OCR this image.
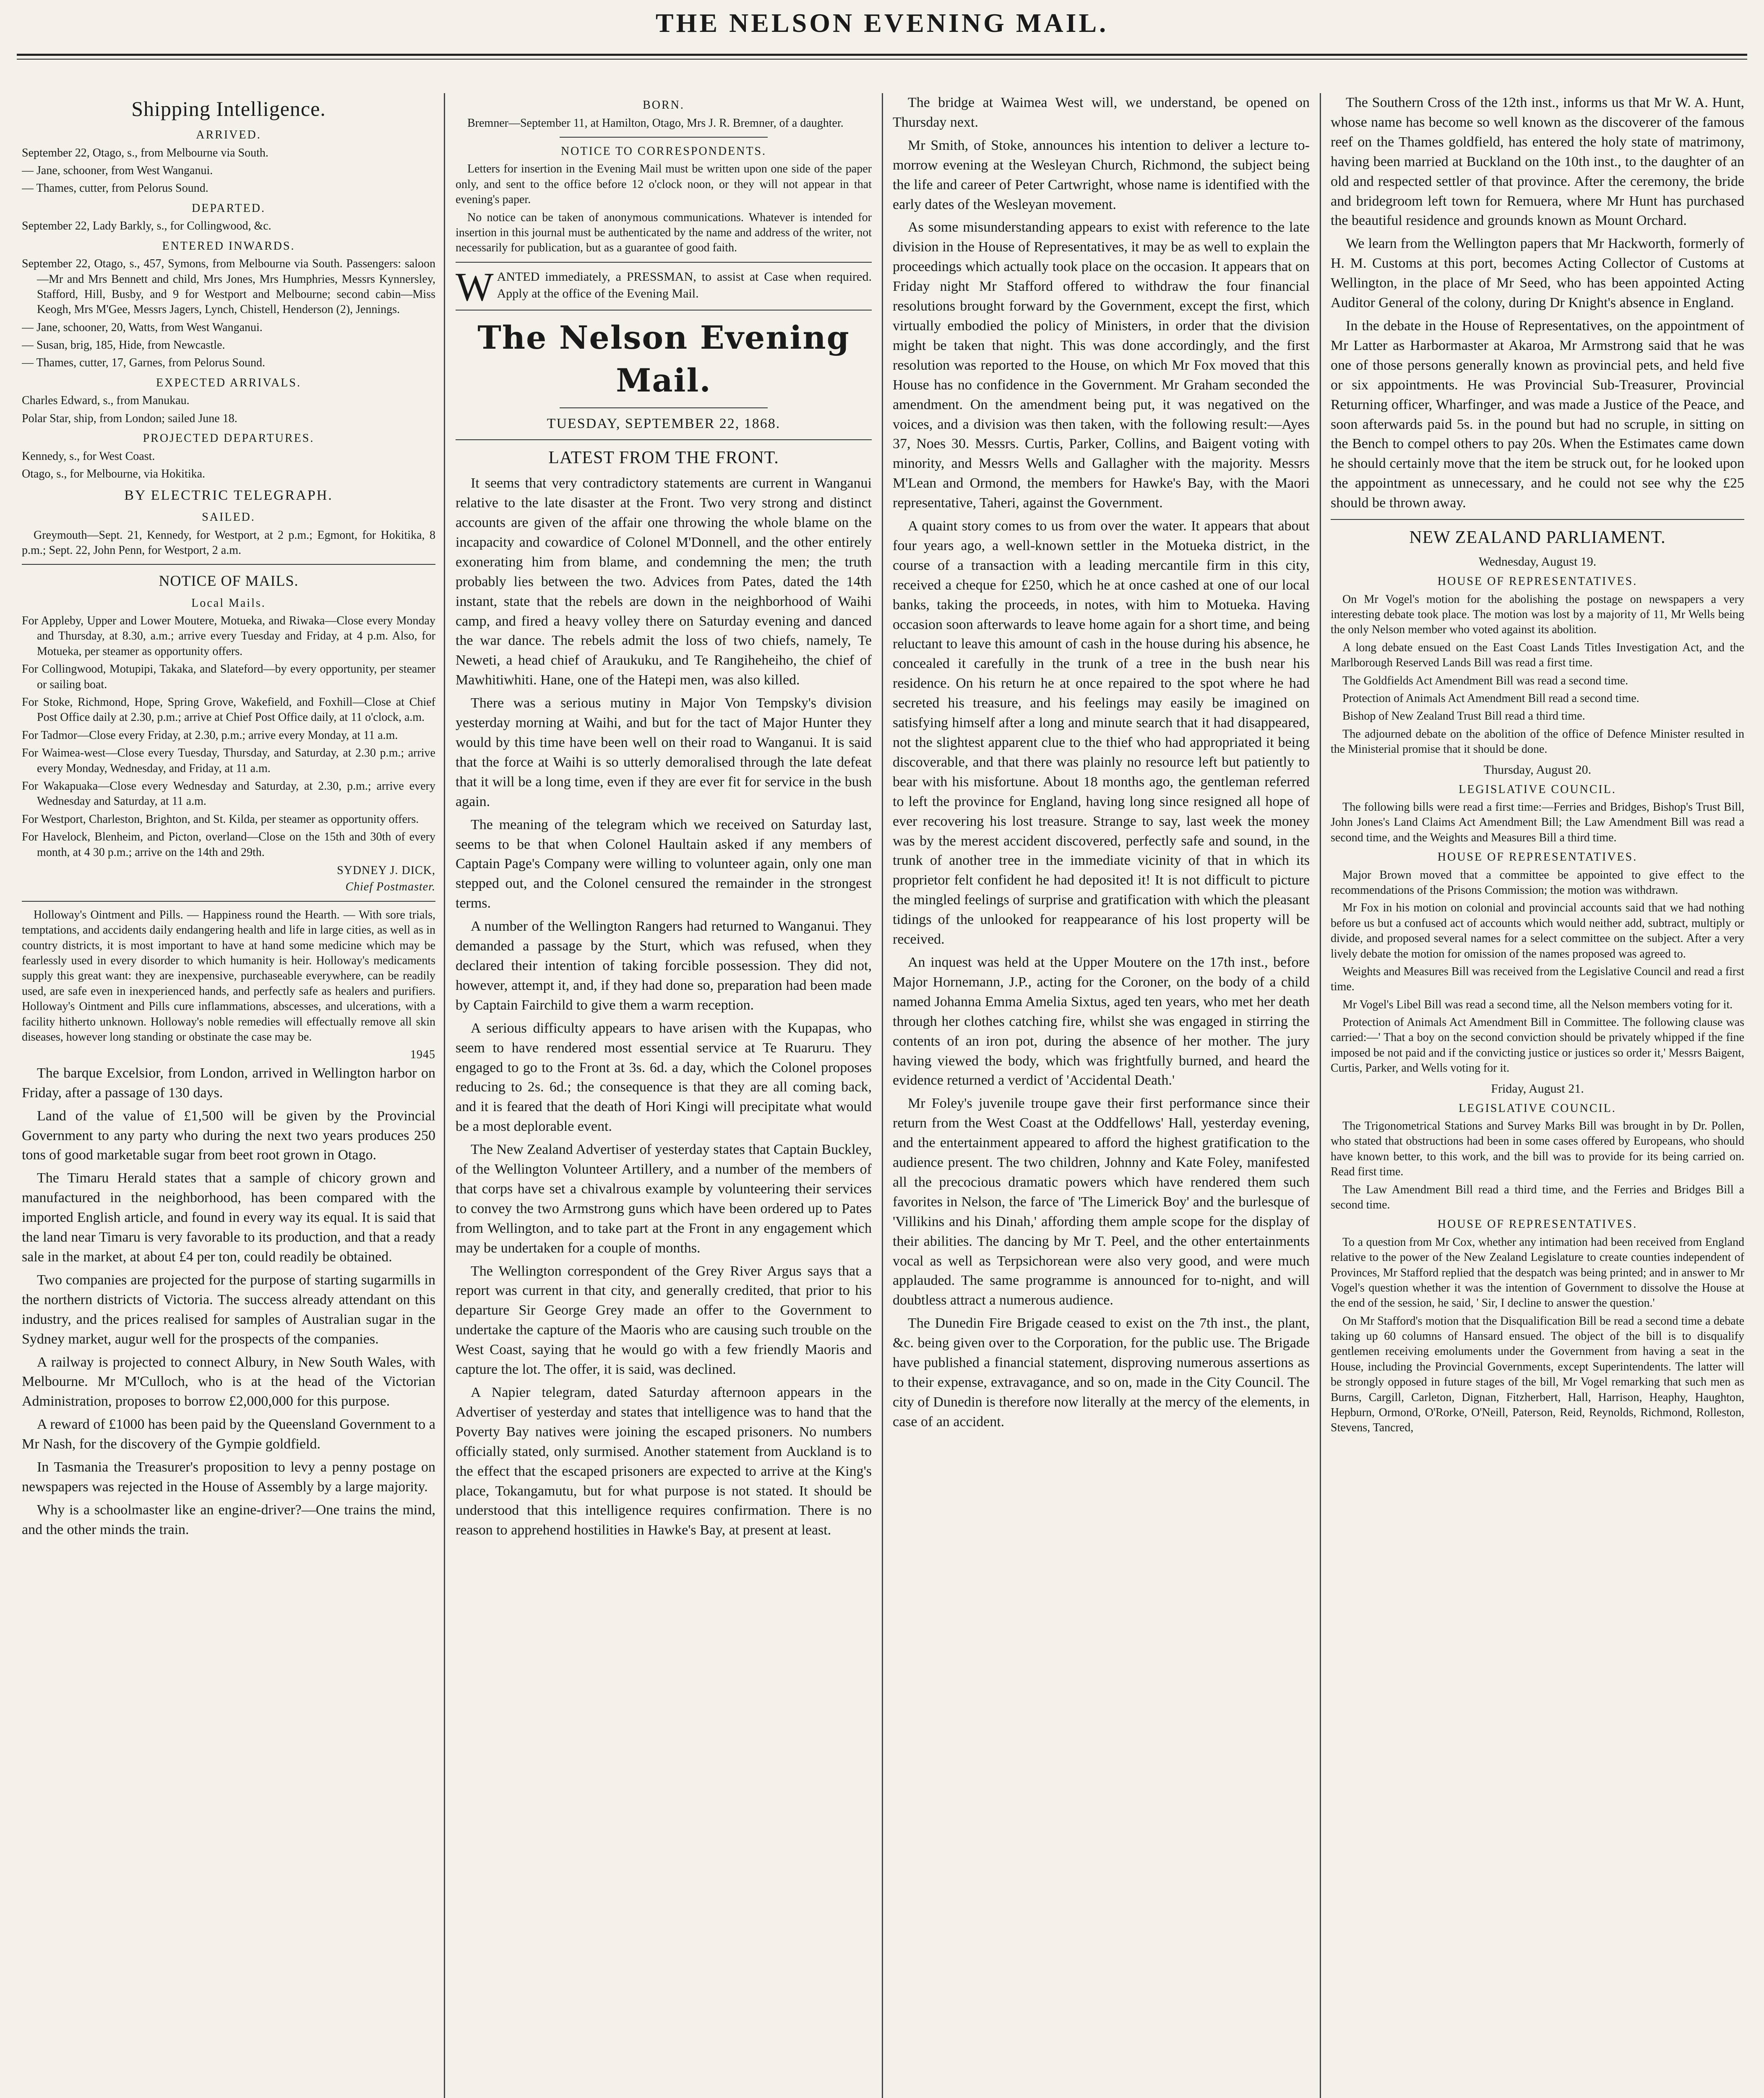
THE NELSON EVENING MAIL.
Shipping Intelligence.
ARRIVED.

September 22, Otago, s., from Melbourne via South.

— Jane, schooner, from West Wanganui.

— Thames, cutter, from Pelorus Sound.

DEPARTED.

September 22, Lady Barkly, s., for Collingwood, &c.

ENTERED INWARDS.

September 22, Otago, s., 457, Symons, from Melbourne via South. Passengers: saloon—Mr and Mrs Bennett and child, Mrs Jones, Mrs Humphries, Messrs Kynnersley, Stafford, Hill, Busby, and 9 for Westport and Melbourne; second cabin—Miss Keogh, Mrs M'Gee, Messrs Jagers, Lynch, Chistell, Henderson (2), Jennings.

— Jane, schooner, 20, Watts, from West Wanganui.

— Susan, brig, 185, Hide, from Newcastle.

— Thames, cutter, 17, Garnes, from Pelorus Sound.

EXPECTED ARRIVALS.

Charles Edward, s., from Manukau.

Polar Star, ship, from London; sailed June 18.

PROJECTED DEPARTURES.

Kennedy, s., for West Coast.

Otago, s., for Melbourne, via Hokitika.

BY ELECTRIC TELEGRAPH.
SAILED.

Greymouth—Sept. 21, Kennedy, for Westport, at 2 p.m.; Egmont, for Hokitika, 8 p.m.; Sept. 22, John Penn, for Westport, 2 a.m.

NOTICE OF MAILS.
Local Mails.

For Appleby, Upper and Lower Moutere, Motueka, and Riwaka—Close every Monday and Thursday, at 8.30, a.m.; arrive every Tuesday and Friday, at 4 p.m. Also, for Motueka, per steamer as opportunity offers.

For Collingwood, Motupipi, Takaka, and Slateford—by every opportunity, per steamer or sailing boat.

For Stoke, Richmond, Hope, Spring Grove, Wakefield, and Foxhill—Close at Chief Post Office daily at 2.30, p.m.; arrive at Chief Post Office daily, at 11 o'clock, a.m.

For Tadmor—Close every Friday, at 2.30, p.m.; arrive every Monday, at 11 a.m.

For Waimea-west—Close every Tuesday, Thursday, and Saturday, at 2.30 p.m.; arrive every Monday, Wednesday, and Friday, at 11 a.m.

For Wakapuaka—Close every Wednesday and Saturday, at 2.30, p.m.; arrive every Wednesday and Saturday, at 11 a.m.

For Westport, Charleston, Brighton, and St. Kilda, per steamer as opportunity offers.

For Havelock, Blenheim, and Picton, overland—Close on the 15th and 30th of every month, at 4 30 p.m.; arrive on the 14th and 29th.

SYDNEY J. DICK,
Chief Postmaster.

Holloway's Ointment and Pills. — Happiness round the Hearth. — With sore trials, temptations, and accidents daily endangering health and life in large cities, as well as in country districts, it is most important to have at hand some medicine which may be fearlessly used in every disorder to which humanity is heir. Holloway's medicaments supply this great want: they are inexpensive, purchaseable everywhere, can be readily used, are safe even in inexperienced hands, and perfectly safe as healers and purifiers. Holloway's Ointment and Pills cure inflammations, abscesses, and ulcerations, with a facility hitherto unknown. Holloway's noble remedies will effectually remove all skin diseases, however long standing or obstinate the case may be.

1945

The barque Excelsior, from London, arrived in Wellington harbor on Friday, after a passage of 130 days.

Land of the value of £1,500 will be given by the Provincial Government to any party who during the next two years produces 250 tons of good marketable sugar from beet root grown in Otago.

The Timaru Herald states that a sample of chicory grown and manufactured in the neighborhood, has been compared with the imported English article, and found in every way its equal. It is said that the land near Timaru is very favorable to its production, and that a ready sale in the market, at about £4 per ton, could readily be obtained.

Two companies are projected for the purpose of starting sugarmills in the northern districts of Victoria. The success already attendant on this industry, and the prices realised for samples of Australian sugar in the Sydney market, augur well for the prospects of the companies.

A railway is projected to connect Albury, in New South Wales, with Melbourne. Mr M'Culloch, who is at the head of the Victorian Administration, proposes to borrow £2,000,000 for this purpose.

A reward of £1000 has been paid by the Queensland Government to a Mr Nash, for the discovery of the Gympie goldfield.

In Tasmania the Treasurer's proposition to levy a penny postage on newspapers was rejected in the House of Assembly by a large majority.

Why is a schoolmaster like an engine-driver?—One trains the mind, and the other minds the train.

BORN.

Bremner—September 11, at Hamilton, Otago, Mrs J. R. Bremner, of a daughter.

NOTICE TO CORRESPONDENTS.

Letters for insertion in the Evening Mail must be written upon one side of the paper only, and sent to the office before 12 o'clock noon, or they will not appear in that evening's paper.

No notice can be taken of anonymous communications. Whatever is intended for insertion in this journal must be authenticated by the name and address of the writer, not necessarily for publication, but as a guarantee of good faith.

W ANTED immediately, a PRESSMAN, to assist at Case when required. Apply at the office of the Evening Mail.
The Nelson Evening Mail.
TUESDAY, SEPTEMBER 22, 1868.
LATEST FROM THE FRONT.

It seems that very contradictory statements are current in Wanganui relative to the late disaster at the Front. Two very strong and distinct accounts are given of the affair one throwing the whole blame on the incapacity and cowardice of Colonel M'Donnell, and the other entirely exonerating him from blame, and condemning the men; the truth probably lies between the two. Advices from Pates, dated the 14th instant, state that the rebels are down in the neighborhood of Waihi camp, and fired a heavy volley there on Saturday evening and danced the war dance. The rebels admit the loss of two chiefs, namely, Te Neweti, a head chief of Araukuku, and Te Rangiheheiho, the chief of Mawhitiwhiti. Hane, one of the Hatepi men, was also killed.

There was a serious mutiny in Major Von Tempsky's division yesterday morning at Waihi, and but for the tact of Major Hunter they would by this time have been well on their road to Wanganui. It is said that the force at Waihi is so utterly demoralised through the late defeat that it will be a long time, even if they are ever fit for service in the bush again.

The meaning of the telegram which we received on Saturday last, seems to be that when Colonel Haultain asked if any members of Captain Page's Company were willing to volunteer again, only one man stepped out, and the Colonel censured the remainder in the strongest terms.

A number of the Wellington Rangers had returned to Wanganui. They demanded a passage by the Sturt, which was refused, when they declared their intention of taking forcible possession. They did not, however, attempt it, and, if they had done so, preparation had been made by Captain Fairchild to give them a warm reception.

A serious difficulty appears to have arisen with the Kupapas, who seem to have rendered most essential service at Te Ruaruru. They engaged to go to the Front at 3s. 6d. a day, which the Colonel proposes reducing to 2s. 6d.; the consequence is that they are all coming back, and it is feared that the death of Hori Kingi will precipitate what would be a most deplorable event.

The New Zealand Advertiser of yesterday states that Captain Buckley, of the Wellington Volunteer Artillery, and a number of the members of that corps have set a chivalrous example by volunteering their services to convey the two Armstrong guns which have been ordered up to Pates from Wellington, and to take part at the Front in any engagement which may be undertaken for a couple of months.

The Wellington correspondent of the Grey River Argus says that a report was current in that city, and generally credited, that prior to his departure Sir George Grey made an offer to the Government to undertake the capture of the Maoris who are causing such trouble on the West Coast, saying that he would go with a few friendly Maoris and capture the lot. The offer, it is said, was declined.

A Napier telegram, dated Saturday afternoon appears in the Advertiser of yesterday and states that intelligence was to hand that the Poverty Bay natives were joining the escaped prisoners. No numbers officially stated, only surmised. Another statement from Auckland is to the effect that the escaped prisoners are expected to arrive at the King's place, Tokangamutu, but for what purpose is not stated. It should be understood that this intelligence requires confirmation. There is no reason to apprehend hostilities in Hawke's Bay, at present at least.

The bridge at Waimea West will, we understand, be opened on Thursday next.

Mr Smith, of Stoke, announces his intention to deliver a lecture to-morrow evening at the Wesleyan Church, Richmond, the subject being the life and career of Peter Cartwright, whose name is identified with the early dates of the Wesleyan movement.

As some misunderstanding appears to exist with reference to the late division in the House of Representatives, it may be as well to explain the proceedings which actually took place on the occasion. It appears that on Friday night Mr Stafford offered to withdraw the four financial resolutions brought forward by the Government, except the first, which virtually embodied the policy of Ministers, in order that the division might be taken that night. This was done accordingly, and the first resolution was reported to the House, on which Mr Fox moved that this House has no confidence in the Government. Mr Graham seconded the amendment. On the amendment being put, it was negatived on the voices, and a division was then taken, with the following result:—Ayes 37, Noes 30. Messrs. Curtis, Parker, Collins, and Baigent voting with minority, and Messrs Wells and Gallagher with the majority. Messrs M'Lean and Ormond, the members for Hawke's Bay, with the Maori representative, Taheri, against the Government.

A quaint story comes to us from over the water. It appears that about four years ago, a well-known settler in the Motueka district, in the course of a transaction with a leading mercantile firm in this city, received a cheque for £250, which he at once cashed at one of our local banks, taking the proceeds, in notes, with him to Motueka. Having occasion soon afterwards to leave home again for a short time, and being reluctant to leave this amount of cash in the house during his absence, he concealed it carefully in the trunk of a tree in the bush near his residence. On his return he at once repaired to the spot where he had secreted his treasure, and his feelings may easily be imagined on satisfying himself after a long and minute search that it had disappeared, not the slightest apparent clue to the thief who had appropriated it being discoverable, and that there was plainly no resource left but patiently to bear with his misfortune. About 18 months ago, the gentleman referred to left the province for England, having long since resigned all hope of ever recovering his lost treasure. Strange to say, last week the money was by the merest accident discovered, perfectly safe and sound, in the trunk of another tree in the immediate vicinity of that in which its proprietor felt confident he had deposited it! It is not difficult to picture the mingled feelings of surprise and gratification with which the pleasant tidings of the unlooked for reappearance of his lost property will be received.

An inquest was held at the Upper Moutere on the 17th inst., before Major Hornemann, J.P., acting for the Coroner, on the body of a child named Johanna Emma Amelia Sixtus, aged ten years, who met her death through her clothes catching fire, whilst she was engaged in stirring the contents of an iron pot, during the absence of her mother. The jury having viewed the body, which was frightfully burned, and heard the evidence returned a verdict of 'Accidental Death.'

Mr Foley's juvenile troupe gave their first performance since their return from the West Coast at the Oddfellows' Hall, yesterday evening, and the entertainment appeared to afford the highest gratification to the audience present. The two children, Johnny and Kate Foley, manifested all the precocious dramatic powers which have rendered them such favorites in Nelson, the farce of 'The Limerick Boy' and the burlesque of 'Villikins and his Dinah,' affording them ample scope for the display of their abilities. The dancing by Mr T. Peel, and the other entertainments vocal as well as Terpsichorean were also very good, and were much applauded. The same programme is announced for to-night, and will doubtless attract a numerous audience.

The Dunedin Fire Brigade ceased to exist on the 7th inst., the plant, &c. being given over to the Corporation, for the public use. The Brigade have published a financial statement, disproving numerous assertions as to their expense, extravagance, and so on, made in the City Council. The city of Dunedin is therefore now literally at the mercy of the elements, in case of an accident.

The Southern Cross of the 12th inst., informs us that Mr W. A. Hunt, whose name has become so well known as the discoverer of the famous reef on the Thames goldfield, has entered the holy state of matrimony, having been married at Buckland on the 10th inst., to the daughter of an old and respected settler of that province. After the ceremony, the bride and bridegroom left town for Remuera, where Mr Hunt has purchased the beautiful residence and grounds known as Mount Orchard.

We learn from the Wellington papers that Mr Hackworth, formerly of H. M. Customs at this port, becomes Acting Collector of Customs at Wellington, in the place of Mr Seed, who has been appointed Acting Auditor General of the colony, during Dr Knight's absence in England.

In the debate in the House of Representatives, on the appointment of Mr Latter as Harbormaster at Akaroa, Mr Armstrong said that he was one of those persons generally known as provincial pets, and held five or six appointments. He was Provincial Sub-Treasurer, Provincial Returning officer, Wharfinger, and was made a Justice of the Peace, and soon afterwards paid 5s. in the pound but had no scruple, in sitting on the Bench to compel others to pay 20s. When the Estimates came down he should certainly move that the item be struck out, for he looked upon the appointment as unnecessary, and he could not see why the £25 should be thrown away.

NEW ZEALAND PARLIAMENT.
Wednesday, August 19.
HOUSE OF REPRESENTATIVES.

On Mr Vogel's motion for the abolishing the postage on newspapers a very interesting debate took place. The motion was lost by a majority of 11, Mr Wells being the only Nelson member who voted against its abolition.

A long debate ensued on the East Coast Lands Titles Investigation Act, and the Marlborough Reserved Lands Bill was read a first time.

The Goldfields Act Amendment Bill was read a second time.

Protection of Animals Act Amendment Bill read a second time.

Bishop of New Zealand Trust Bill read a third time.

The adjourned debate on the abolition of the office of Defence Minister resulted in the Ministerial promise that it should be done.

Thursday, August 20.
LEGISLATIVE COUNCIL.

The following bills were read a first time:—Ferries and Bridges, Bishop's Trust Bill, John Jones's Land Claims Act Amendment Bill; the Law Amendment Bill was read a second time, and the Weights and Measures Bill a third time.

HOUSE OF REPRESENTATIVES.

Major Brown moved that a committee be appointed to give effect to the recommendations of the Prisons Commission; the motion was withdrawn.

Mr Fox in his motion on colonial and provincial accounts said that we had nothing before us but a confused act of accounts which would neither add, subtract, multiply or divide, and proposed several names for a select committee on the subject. After a very lively debate the motion for omission of the names proposed was agreed to.

Weights and Measures Bill was received from the Legislative Council and read a first time.

Mr Vogel's Libel Bill was read a second time, all the Nelson members voting for it.

Protection of Animals Act Amendment Bill in Committee. The following clause was carried:—' That a boy on the second conviction should be privately whipped if the fine imposed be not paid and if the convicting justice or justices so order it,' Messrs Baigent, Curtis, Parker, and Wells voting for it.

Friday, August 21.
LEGISLATIVE COUNCIL.

The Trigonometrical Stations and Survey Marks Bill was brought in by Dr. Pollen, who stated that obstructions had been in some cases offered by Europeans, who should have known better, to this work, and the bill was to provide for its being carried on. Read first time.

The Law Amendment Bill read a third time, and the Ferries and Bridges Bill a second time.

HOUSE OF REPRESENTATIVES.

To a question from Mr Cox, whether any intimation had been received from England relative to the power of the New Zealand Legislature to create counties independent of Provinces, Mr Stafford replied that the despatch was being printed; and in answer to Mr Vogel's question whether it was the intention of Government to dissolve the House at the end of the session, he said, ' Sir, I decline to answer the question.'

On Mr Stafford's motion that the Disqualification Bill be read a second time a debate taking up 60 columns of Hansard ensued. The object of the bill is to disqualify gentlemen receiving emoluments under the Government from having a seat in the House, including the Provincial Governments, except Superintendents. The latter will be strongly opposed in future stages of the bill, Mr Vogel remarking that such men as Burns, Cargill, Carleton, Dignan, Fitzherbert, Hall, Harrison, Heaphy, Haughton, Hepburn, Ormond, O'Rorke, O'Neill, Paterson, Reid, Reynolds, Richmond, Rolleston, Stevens, Tancred,
